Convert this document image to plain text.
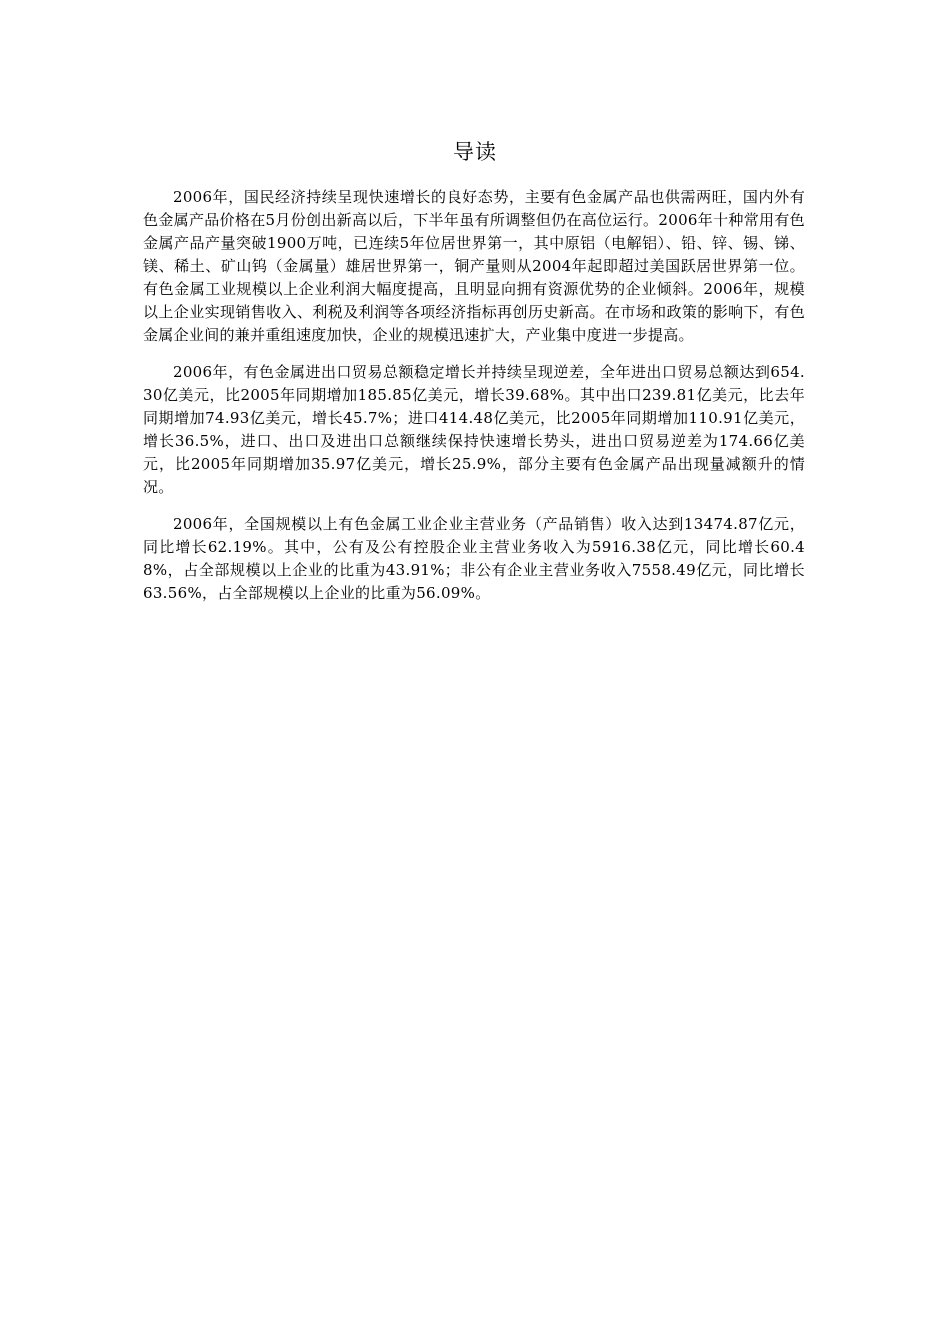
导读

2006年，国民经济持续呈现快速增长的良好态势，主要有色金属产品也供需两旺，国内外有色金属产品价格在5月份创出新高以后，下半年虽有所调整但仍在高位运行。2006年十种常用有色金属产品产量突破1900万吨，已连续5年位居世界第一，其中原铝（电解铝）、铅、锌、锡、锑、镁、稀土、矿山钨（金属量）雄居世界第一，铜产量则从2004年起即超过美国跃居世界第一位。有色金属工业规模以上企业利润大幅度提高，且明显向拥有资源优势的企业倾斜。2006年，规模以上企业实现销售收入、利税及利润等各项经济指标再创历史新高。在市场和政策的影响下，有色金属企业间的兼并重组速度加快，企业的规模迅速扩大，产业集中度进一步提高。

2006年，有色金属进出口贸易总额稳定增长并持续呈现逆差，全年进出口贸易总额达到654.30亿美元，比2005年同期增加185.85亿美元，增长39.68%。其中出口239.81亿美元，比去年同期增加74.93亿美元，增长45.7%；进口414.48亿美元，比2005年同期增加110.91亿美元，增长36.5%，进口、出口及进出口总额继续保持快速增长势头，进出口贸易逆差为174.66亿美元，比2005年同期增加35.97亿美元，增长25.9%，部分主要有色金属产品出现量减额升的情况。

2006年，全国规模以上有色金属工业企业主营业务（产品销售）收入达到13474.87亿元，同比增长62.19%。其中，公有及公有控股企业主营业务收入为5916.38亿元，同比增长60.48%，占全部规模以上企业的比重为43.91%；非公有企业主营业务收入7558.49亿元，同比增长63.56%，占全部规模以上企业的比重为56.09%。
